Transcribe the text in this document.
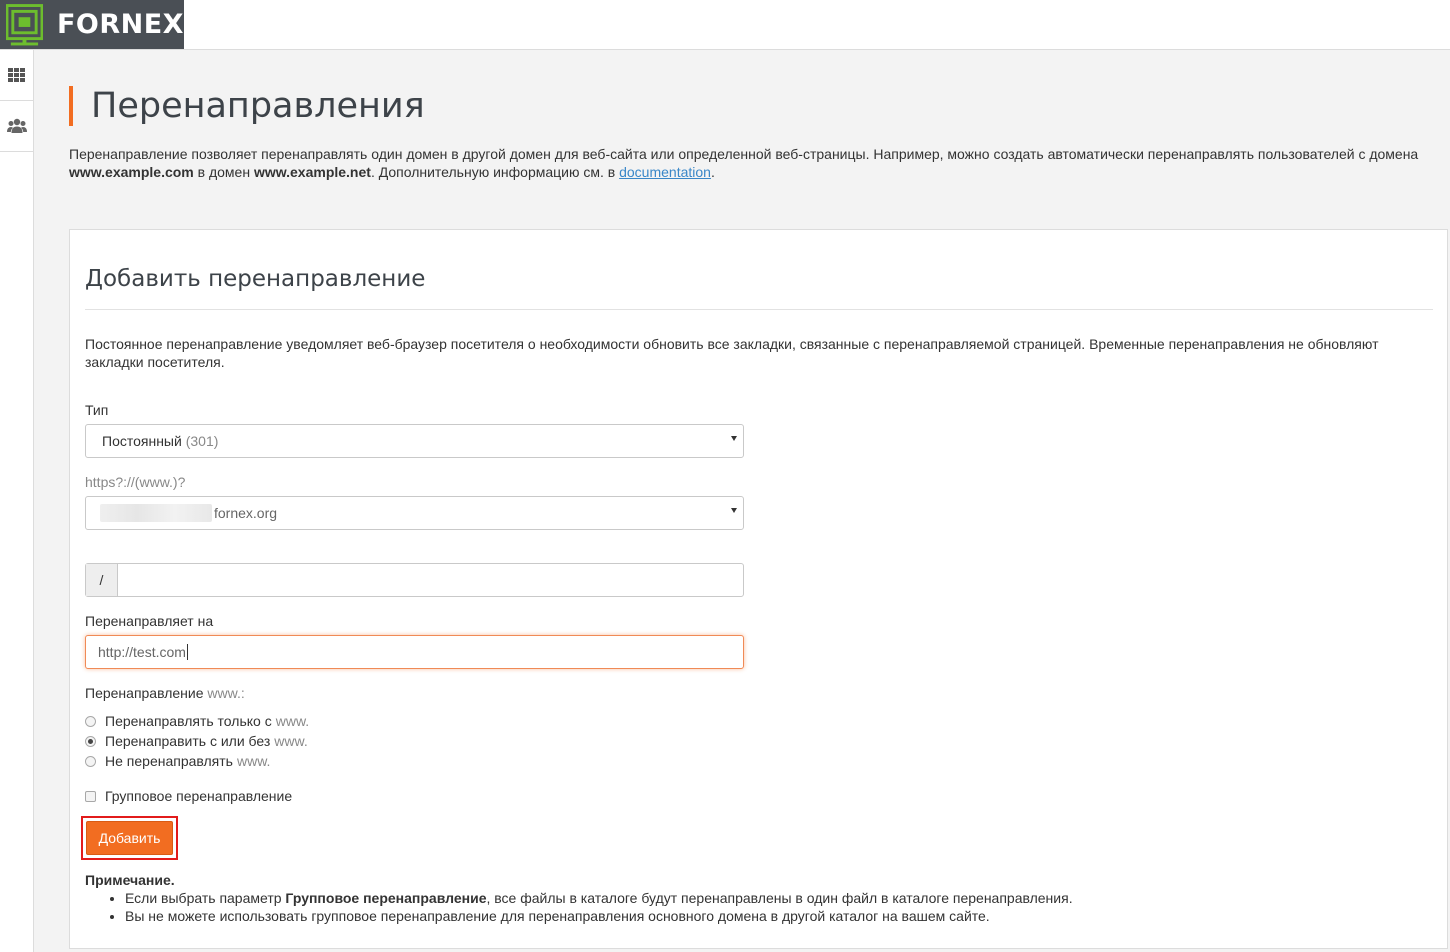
FORNEX
Перенаправления
Перенаправление позволяет перенаправлять один домен в другой домен для веб-сайта или определенной веб-страницы. Например, можно создать автоматически перенаправлять пользователей с домена www.example.com в домен www.example.net. Дополнительную информацию см. в documentation.
Добавить перенаправление
Постоянное перенаправление уведомляет веб-браузер посетителя о необходимости обновить все закладки, связанные с перенаправляемой страницей. Временные перенаправления не обновляют закладки посетителя.
Тип
Постоянный (301)
https?://(www.)?
fornex.org
/
Перенаправляет на
http://test.com
Перенаправление www.:
Перенаправлять только с www.
Перенаправить с или без www.
Не перенаправлять www.
Групповое перенаправление
Добавить
Примечание.
• Если выбрать параметр Групповое перенаправление, все файлы в каталоге будут перенаправлены в один файл в каталоге перенаправления.
• Вы не можете использовать групповое перенаправление для перенаправления основного домена в другой каталог на вашем сайте.
